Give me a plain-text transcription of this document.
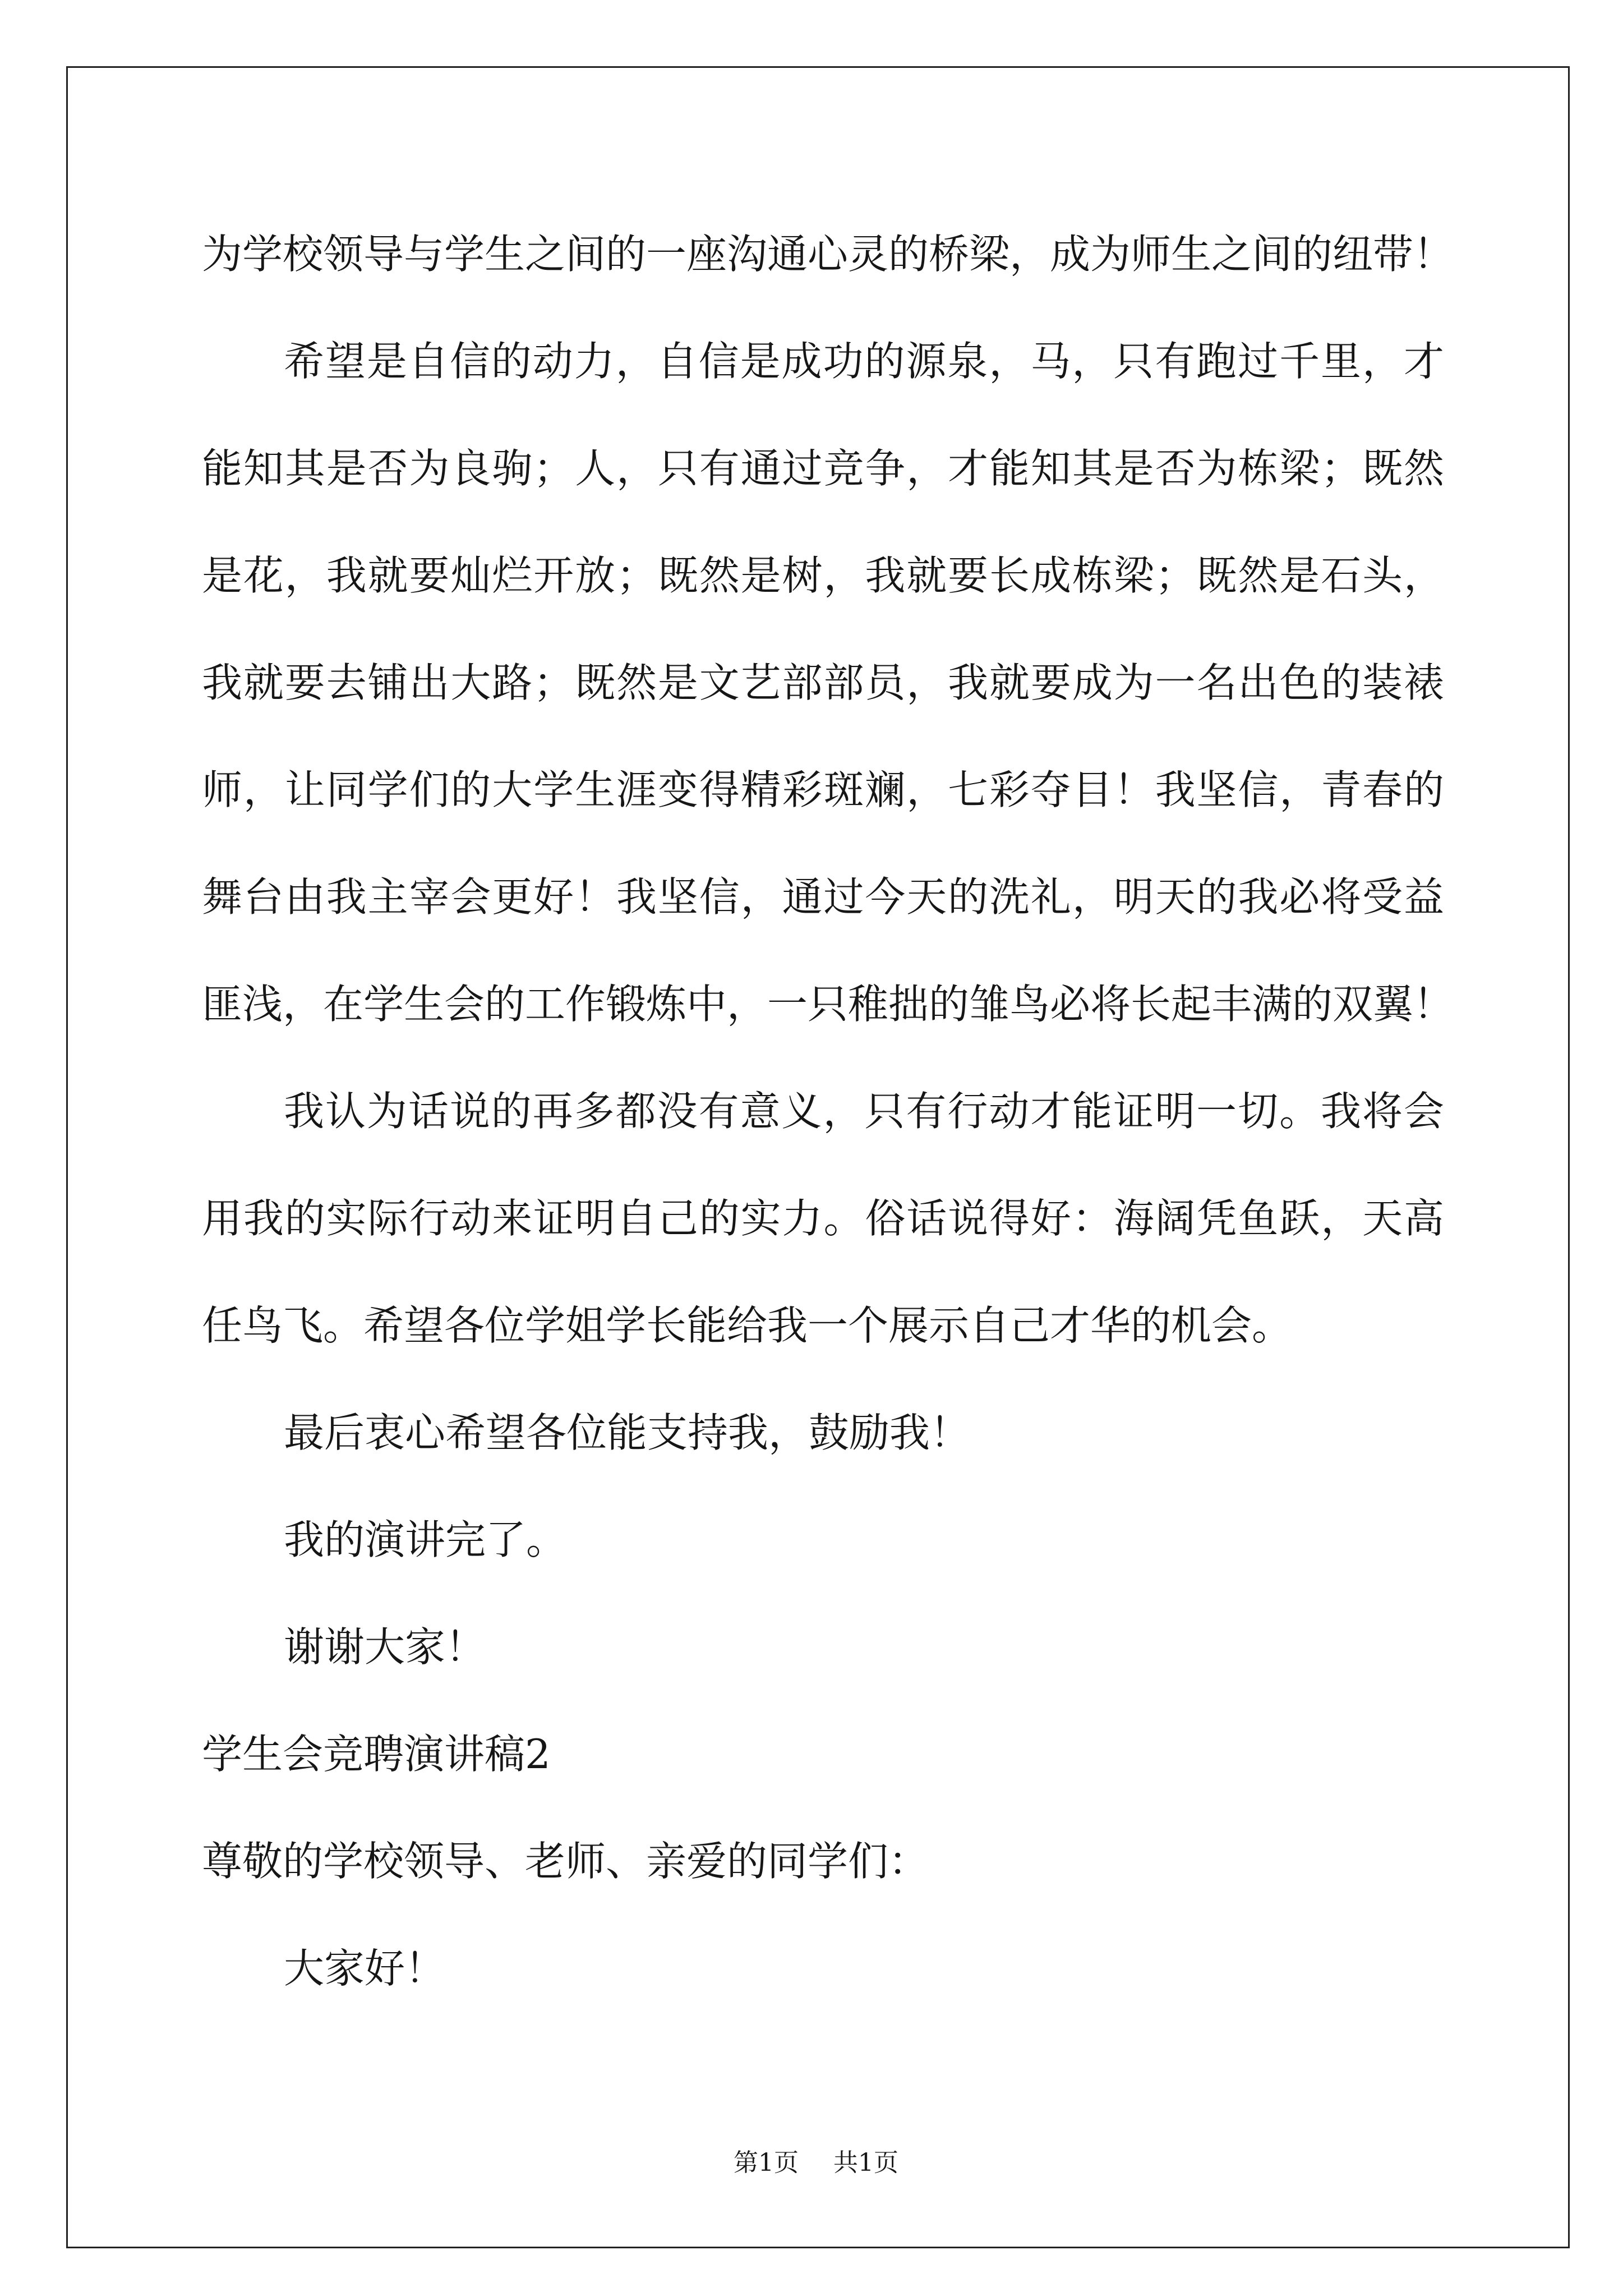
为学校领导与学生之间的一座沟通心灵的桥梁，成为师生之间的纽带！
希望是自信的动力，自信是成功的源泉，马，只有跑过千里，才
能知其是否为良驹；人，只有通过竞争，才能知其是否为栋梁；既然
是花，我就要灿烂开放；既然是树，我就要长成栋梁；既然是石头，
我就要去铺出大路；既然是文艺部部员，我就要成为一名出色的装裱
师，让同学们的大学生涯变得精彩斑斓，七彩夺目！我坚信，青春的
舞台由我主宰会更好！我坚信，通过今天的洗礼，明天的我必将受益
匪浅，在学生会的工作锻炼中，一只稚拙的雏鸟必将长起丰满的双翼！
我认为话说的再多都没有意义，只有行动才能证明一切。我将会
用我的实际行动来证明自己的实力。俗话说得好：海阔凭鱼跃，天高
任鸟飞。希望各位学姐学长能给我一个展示自己才华的机会。
最后衷心希望各位能支持我，鼓励我！
我的演讲完了。
谢谢大家！
学生会竞聘演讲稿2
尊敬的学校领导、老师、亲爱的同学们：
大家好！
第1页 共1页
